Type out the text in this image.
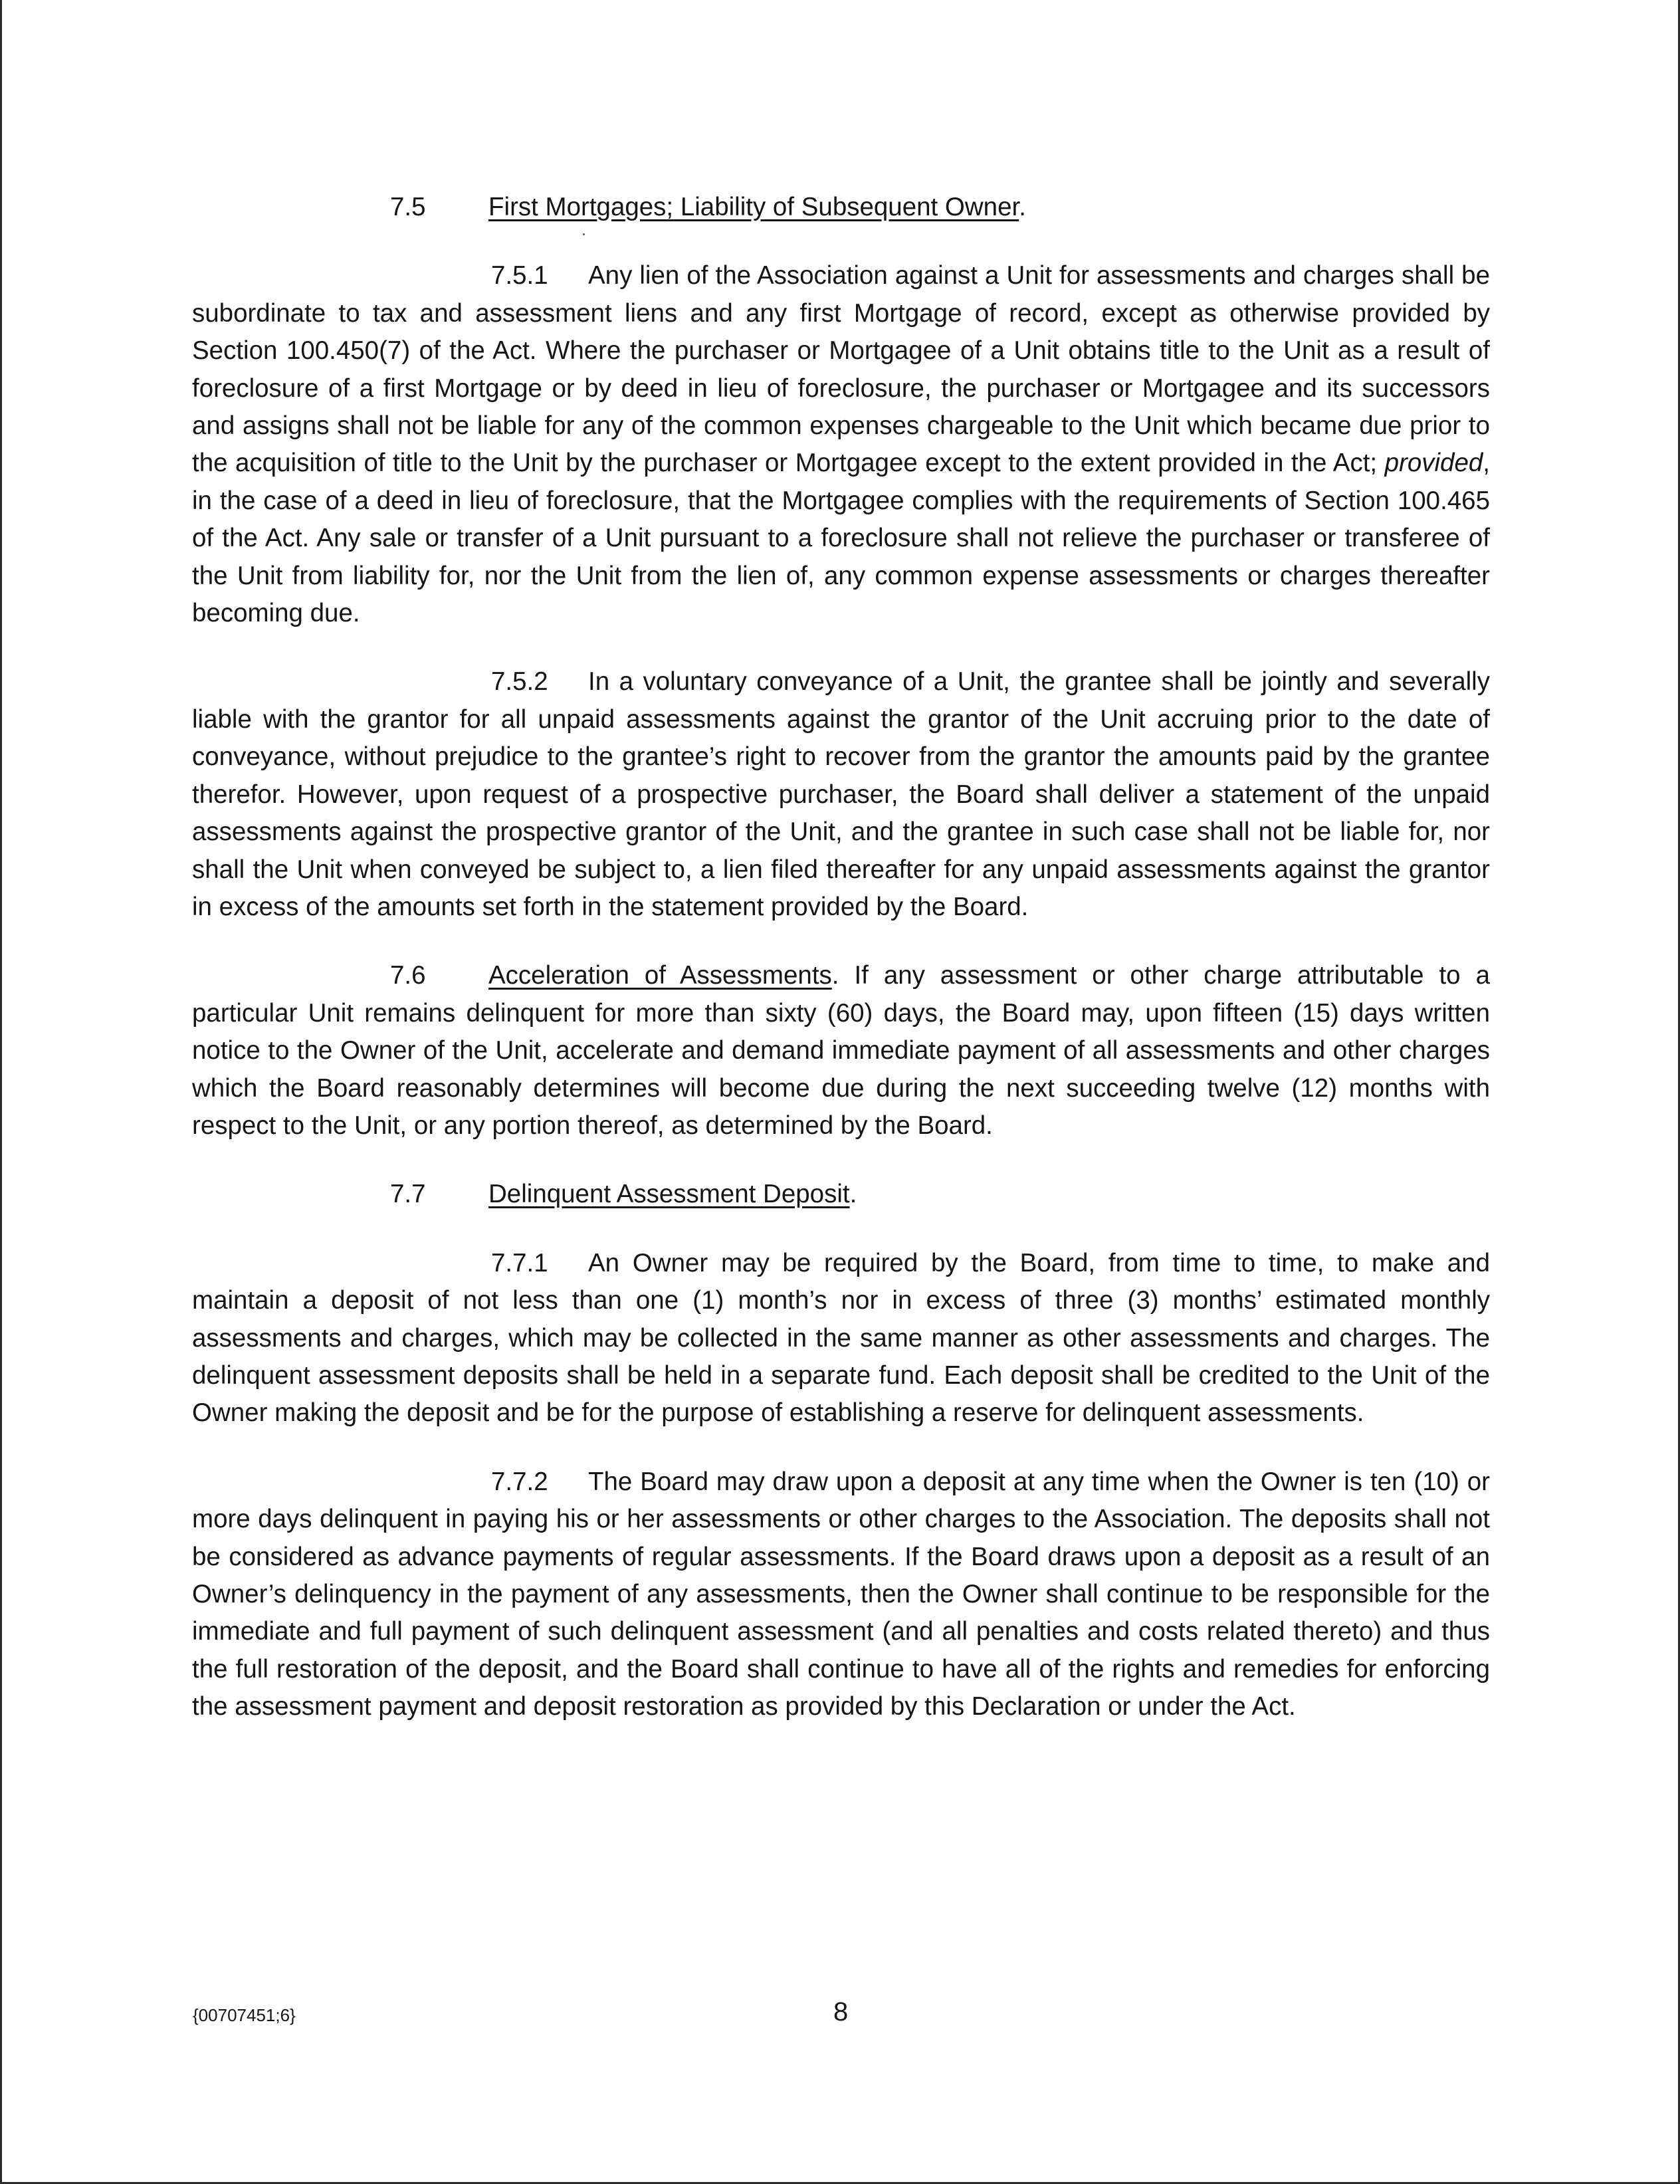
7.5	First Mortgages; Liability of Subsequent Owner.

7.5.1 Any lien of the Association against a Unit for assessments and charges shall be subordinate to tax and assessment liens and any first Mortgage of record, except as otherwise provided by Section 100.450(7) of the Act. Where the purchaser or Mortgagee of a Unit obtains title to the Unit as a result of foreclosure of a first Mortgage or by deed in lieu of foreclosure, the purchaser or Mortgagee and its successors and assigns shall not be liable for any of the common expenses chargeable to the Unit which became due prior to the acquisition of title to the Unit by the purchaser or Mortgagee except to the extent provided in the Act; provided, in the case of a deed in lieu of foreclosure, that the Mortgagee complies with the requirements of Section 100.465 of the Act. Any sale or transfer of a Unit pursuant to a foreclosure shall not relieve the purchaser or transferee of the Unit from liability for, nor the Unit from the lien of, any common expense assessments or charges thereafter becoming due.

7.5.2 In a voluntary conveyance of a Unit, the grantee shall be jointly and severally liable with the grantor for all unpaid assessments against the grantor of the Unit accruing prior to the date of conveyance, without prejudice to the grantee’s right to recover from the grantor the amounts paid by the grantee therefor. However, upon request of a prospective purchaser, the Board shall deliver a statement of the unpaid assessments against the prospective grantor of the Unit, and the grantee in such case shall not be liable for, nor shall the Unit when conveyed be subject to, a lien filed thereafter for any unpaid assessments against the grantor in excess of the amounts set forth in the statement provided by the Board.

7.6 Acceleration of Assessments. If any assessment or other charge attributable to a particular Unit remains delinquent for more than sixty (60) days, the Board may, upon fifteen (15) days written notice to the Owner of the Unit, accelerate and demand immediate payment of all assessments and other charges which the Board reasonably determines will become due during the next succeeding twelve (12) months with respect to the Unit, or any portion thereof, as determined by the Board.

7.7	Delinquent Assessment Deposit.

7.7.1 An Owner may be required by the Board, from time to time, to make and maintain a deposit of not less than one (1) month’s nor in excess of three (3) months’ estimated monthly assessments and charges, which may be collected in the same manner as other assessments and charges. The delinquent assessment deposits shall be held in a separate fund. Each deposit shall be credited to the Unit of the Owner making the deposit and be for the purpose of establishing a reserve for delinquent assessments.

7.7.2 The Board may draw upon a deposit at any time when the Owner is ten (10) or more days delinquent in paying his or her assessments or other charges to the Association. The deposits shall not be considered as advance payments of regular assessments. If the Board draws upon a deposit as a result of an Owner’s delinquency in the payment of any assessments, then the Owner shall continue to be responsible for the immediate and full payment of such delinquent assessment (and all penalties and costs related thereto) and thus the full restoration of the deposit, and the Board shall continue to have all of the rights and remedies for enforcing the assessment payment and deposit restoration as provided by this Declaration or under the Act.

{00707451;6}	8
